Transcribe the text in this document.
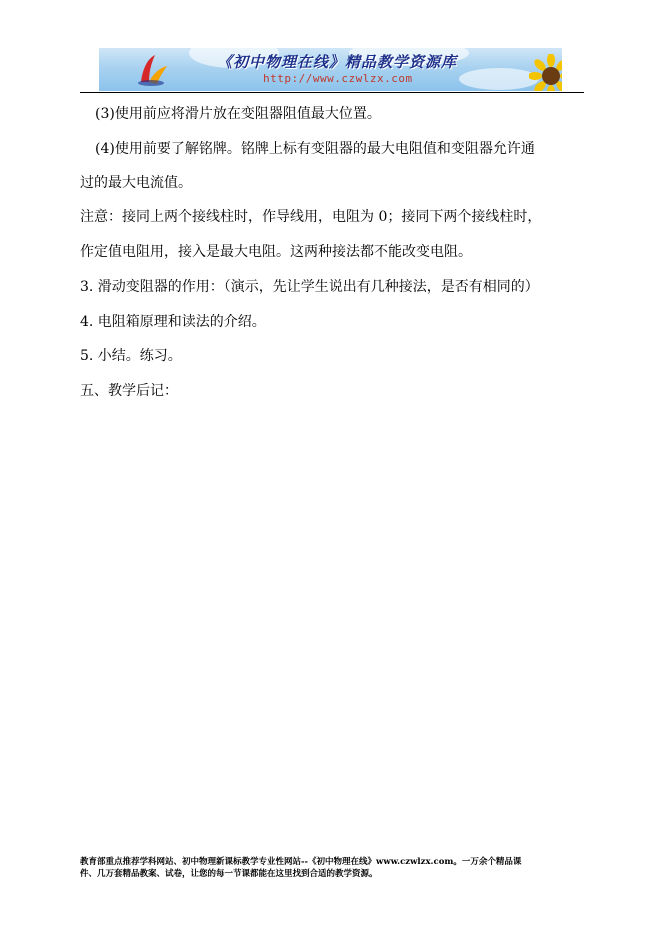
《初中物理在线》精品教学资源库
http://www.czwlzx.com
(3)使用前应将滑片放在变阻器阻值最大位置。
(4)使用前要了解铭牌。铭牌上标有变阻器的最大电阻值和变阻器允许通
过的最大电流值。
注意：接同上两个接线柱时，作导线用，电阻为 0；接同下两个接线柱时，
作定值电阻用，接入是最大电阻。这两种接法都不能改变电阻。
3. 滑动变阻器的作用：（演示，先让学生说出有几种接法，是否有相同的）
4. 电阻箱原理和读法的介绍。
5. 小结。练习。
五、教学后记：
教育部重点推荐学科网站、初中物理新课标教学专业性网站--《初中物理在线》www.czwlzx.com。一万余个精品课
件、几万套精品教案、试卷，让您的每一节课都能在这里找到合适的教学资源。
